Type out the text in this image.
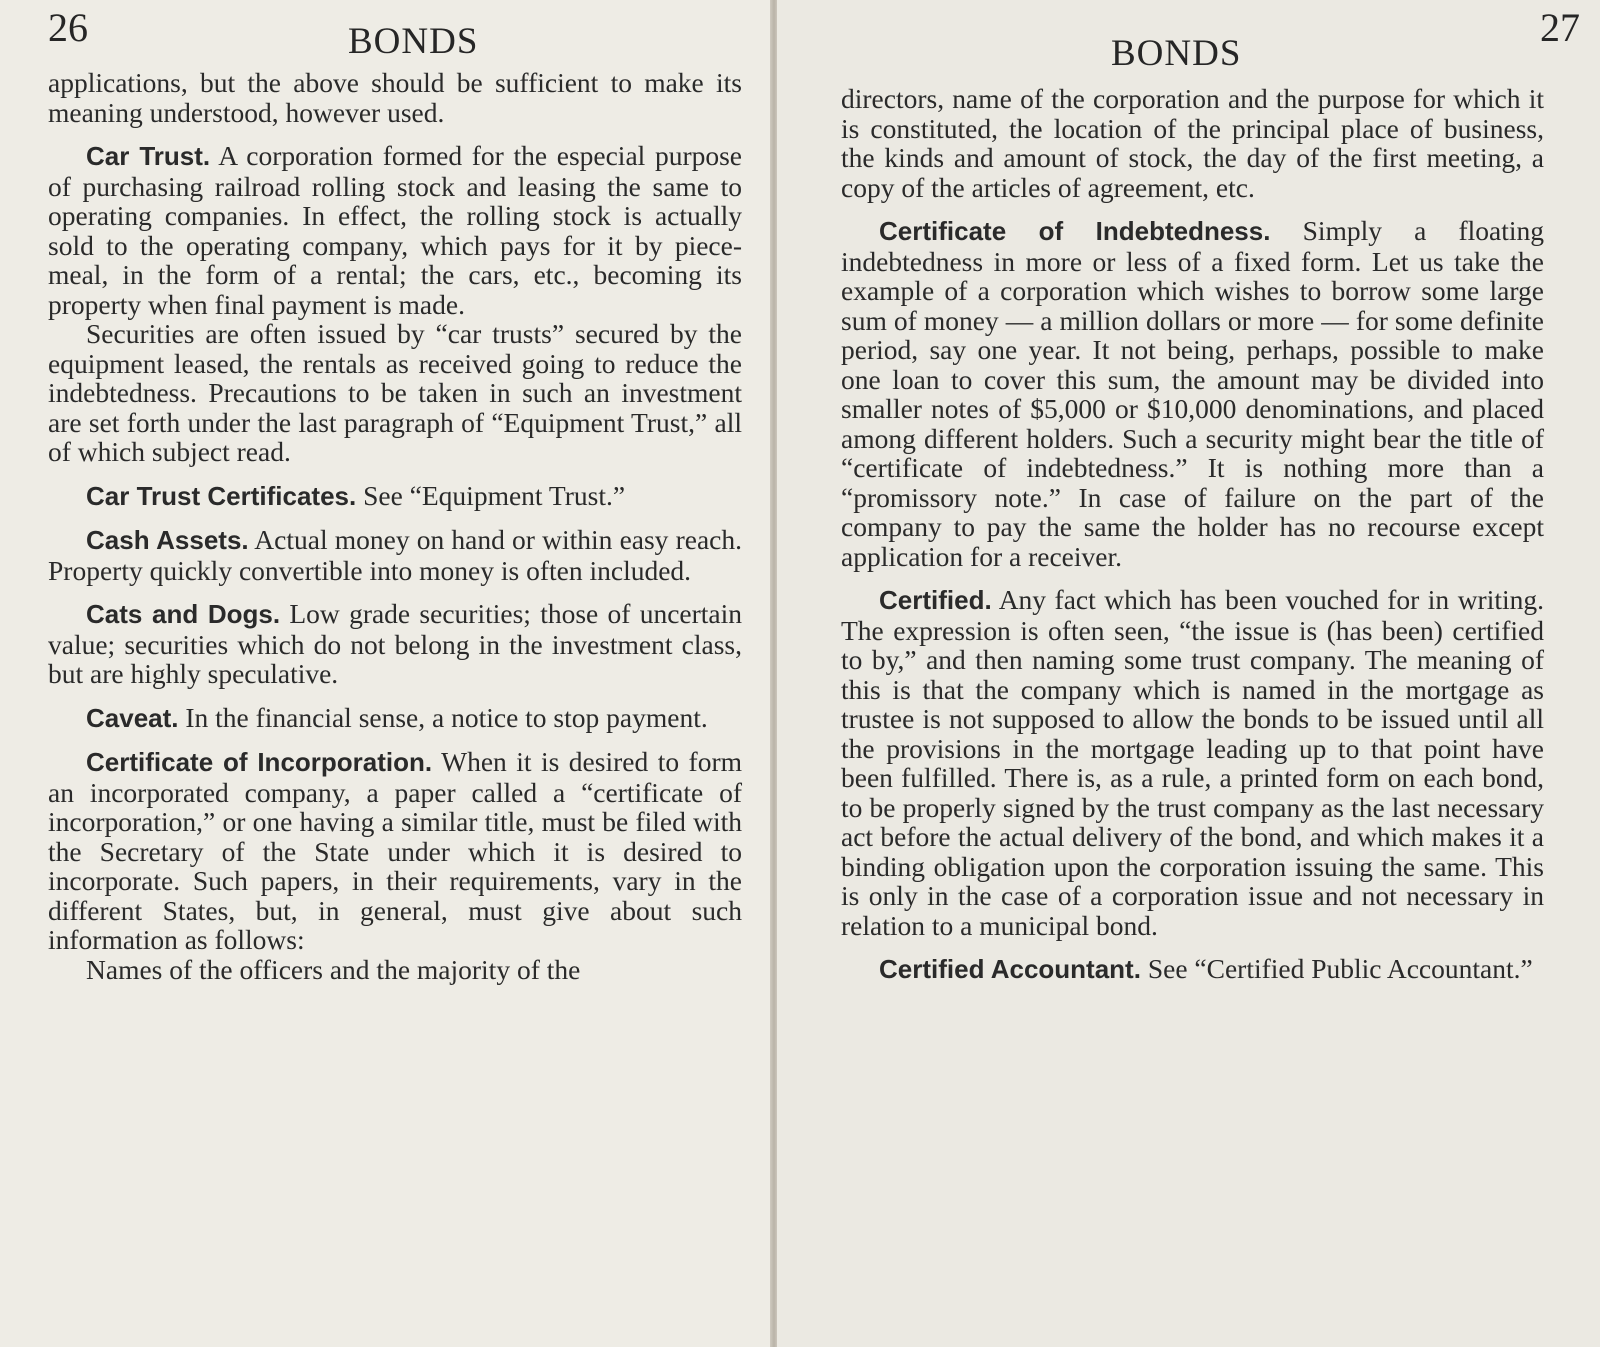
26	BONDS

applications, but the above should be sufficient to make its meaning understood, however used.

Car Trust. A corporation formed for the especial purpose of purchasing railroad rolling stock and leasing the same to operating companies. In effect, the rolling stock is actually sold to the operating company, which pays for it by piece-meal, in the form of a rental; the cars, etc., becoming its property when final payment is made.

Securities are often issued by “car trusts” secured by the equipment leased, the rentals as received going to reduce the indebtedness. Precautions to be taken in such an investment are set forth under the last paragraph of “Equipment Trust,” all of which subject read.

Car Trust Certificates. See “Equipment Trust.”

Cash Assets. Actual money on hand or within easy reach. Property quickly convertible into money is often included.

Cats and Dogs. Low grade securities; those of uncertain value; securities which do not belong in the investment class, but are highly speculative.

Caveat. In the financial sense, a notice to stop payment.

Certificate of Incorporation. When it is desired to form an incorporated company, a paper called a “certificate of incorporation,” or one having a similar title, must be filed with the Secretary of the State under which it is desired to incorporate. Such papers, in their requirements, vary in the different States, but, in general, must give about such information as follows:

Names of the officers and the majority of the

BONDS
27

directors, name of the corporation and the purpose for which it is constituted, the location of the principal place of business, the kinds and amount of stock, the day of the first meeting, a copy of the articles of agreement, etc.

Certificate of Indebtedness. Simply a floating indebtedness in more or less of a fixed form. Let us take the example of a corporation which wishes to borrow some large sum of money — a million dollars or more — for some definite period, say one year. It not being, perhaps, possible to make one loan to cover this sum, the amount may be divided into smaller notes of $5,000 or $10,000 denominations, and placed among different holders. Such a security might bear the title of “certificate of indebtedness.” It is nothing more than a “promissory note.” In case of failure on the part of the company to pay the same the holder has no recourse except application for a receiver.

Certified. Any fact which has been vouched for in writing. The expression is often seen, “the issue is (has been) certified to by,” and then naming some trust company. The meaning of this is that the company which is named in the mortgage as trustee is not supposed to allow the bonds to be issued until all the provisions in the mortgage leading up to that point have been fulfilled. There is, as a rule, a printed form on each bond, to be properly signed by the trust company as the last necessary act before the actual delivery of the bond, and which makes it a binding obligation upon the corporation issuing the same. This is only in the case of a corporation issue and not necessary in relation to a municipal bond.

Certified Accountant. See “Certified Public Accountant.”
